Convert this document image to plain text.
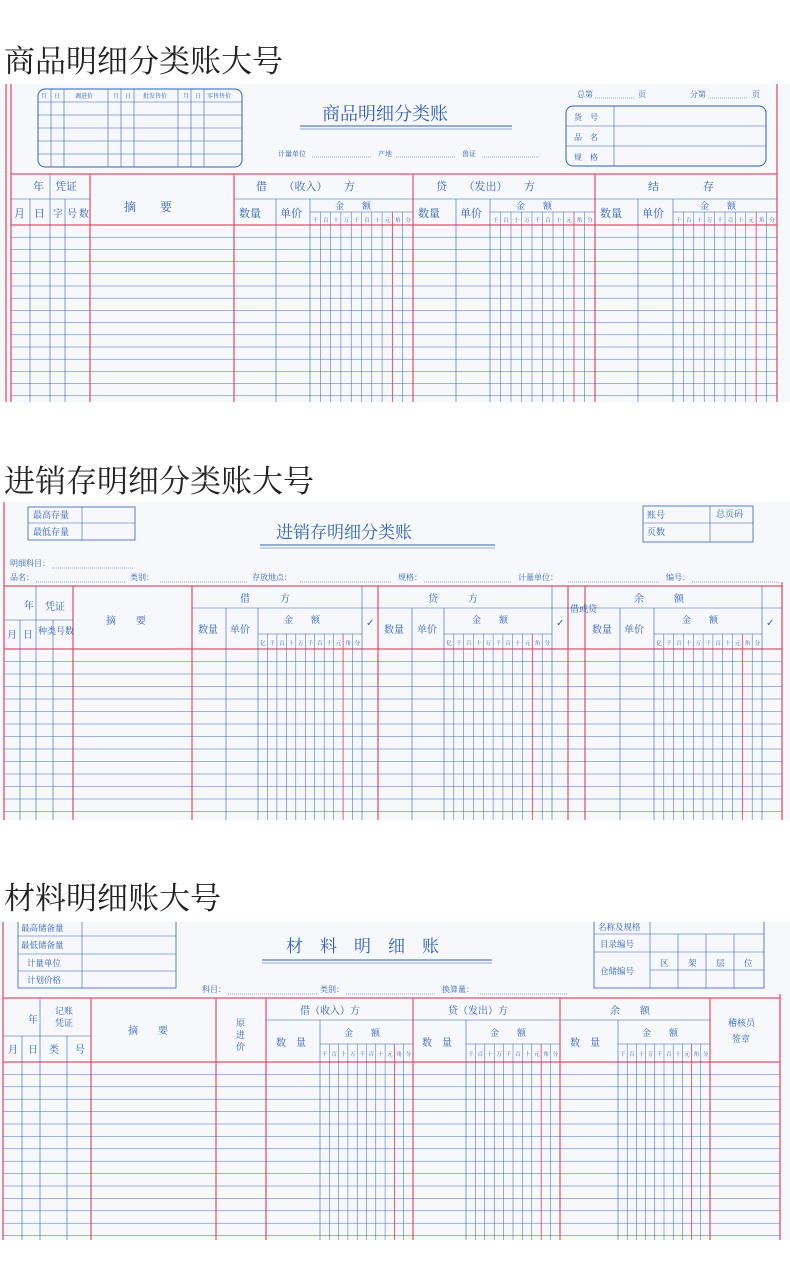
商品明细分类账大号
进销存明细分类账大号
材料明细账大号
月 日 调进价	月 日 批发售价	月 日 零售售价
商品明细分类账
计量单位	产地	兽证
总第	页	分第	页
货　号
品　名
规　格
千 百 十 万 千 百 十 元 角 分	千 百 十 万 千 百 十 元 角 分	千 百 十 万 千 百 十 元 角 分
年 凭证
月 日 字 号 数
摘　　要
借　　（收入）　　方	贷　　（发出）　　方	结　　　　存
数量 单价	数量 单价	数量 单价
金　　额	金　　额	金　　额
最高存量
最低存量	进销存明细分类账
账号	总页码
页数
明细科目：
品名：	类别：	存放地点：	规格：	计量单位：	编号：
亿 千 百 十 万 千 百 十 元 角 分	亿 千 百 十 万 千 百 十 元 角 分	亿 千 百 十 万 千 百 十 元 角 分
年 凭证
月 日 种类 号数
摘　　要
借　　　方	贷　　　方	余　　　额
借或贷
数量 单价	数量 单价	数量 单价
金　　额	金　　额	金　　额
✓	✓	✓
最高储备量
最低储备量
计量单位
计划价格
材　料　明　细　账
名称及规格
目录编号
仓储编号
区 架 层 位
科目：	类别：	换算量：
千 百 十 万 千 百 十 元 角 分	千 百 十 万 千 百 十 元 角 分	千 百 十 万 千 百 十 元 角 分
年
记账
凭证
月 日 类 号
摘　　要
原
进
价
借（收入）方	贷（发出）方	余　　额
稽核员
签章
数　量	数　量	数　量
金　　额	金　　额	金　　额
